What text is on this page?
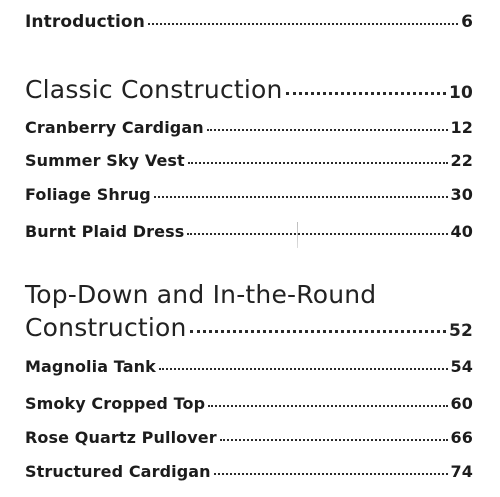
Introduction	6
Classic Construction	10
Cranberry Cardigan	12
Summer Sky Vest	22
Foliage Shrug	30
Burnt Plaid Dress	40
Top-Down and In-the-Round
Construction	52
Magnolia Tank	54
Smoky Cropped Top	60
Rose Quartz Pullover	66
Structured Cardigan	74
